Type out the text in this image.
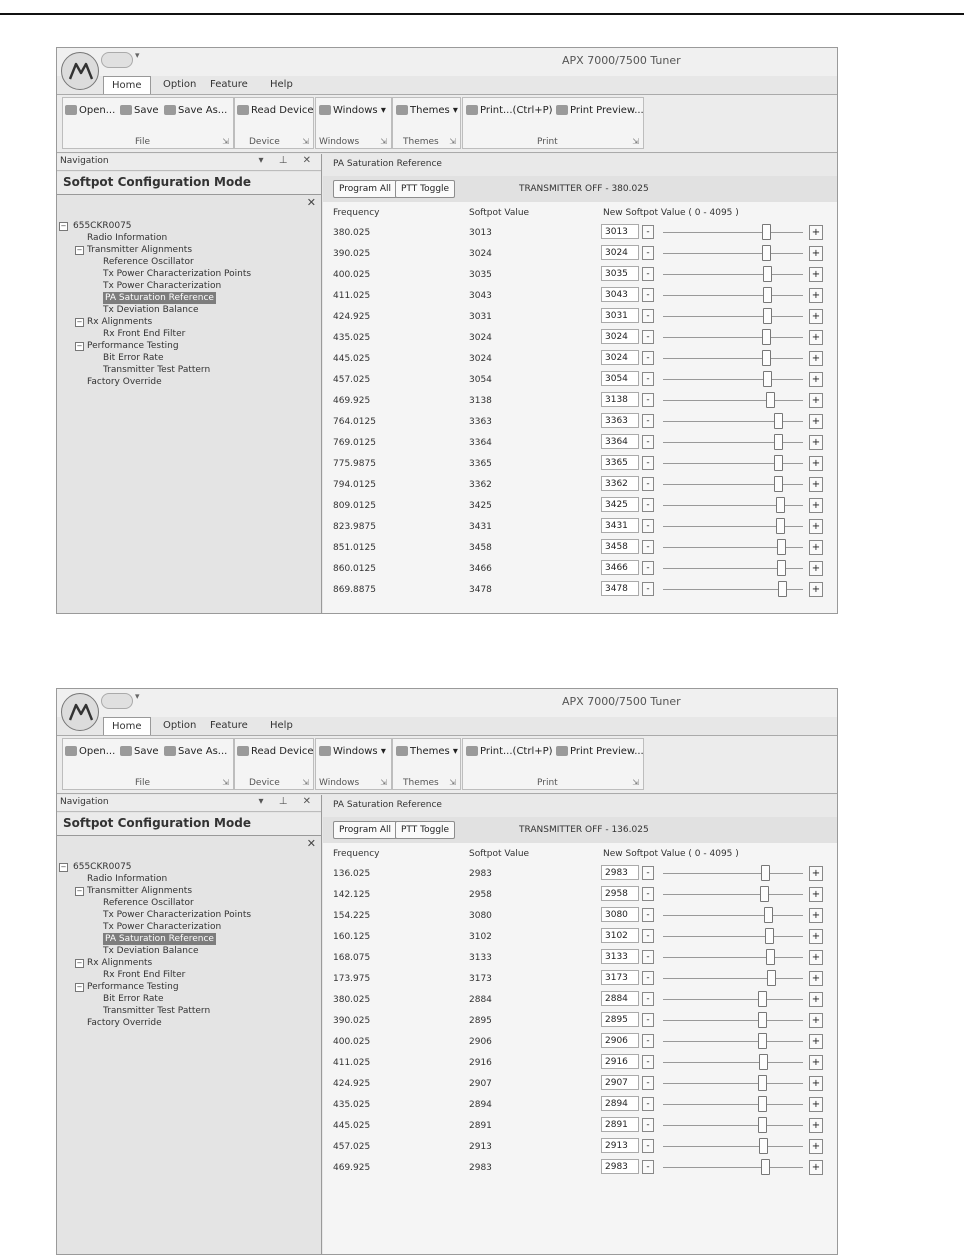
▾	APX 7000/7500 Tuner
Home	Option Feature Help
Open...	Save	Save As...
File	⇲
Read Device
Device	⇲
Windows ▾
Windows	⇲
Themes ▾
Themes ⇲
Print...(Ctrl+P)	Print Preview...
Print	⇲
Navigation	▾ ⊥ ✕
Softpot Configuration Mode
✕
− 655CKR0075
Radio Information
− Transmitter Alignments
Reference Oscillator
Tx Power Characterization Points
Tx Power Characterization
PA Saturation Reference
Tx Deviation Balance
− Rx Alignments
Rx Front End Filter
− Performance Testing
Bit Error Rate
Transmitter Test Pattern
Factory Override
PA Saturation Reference
Program All	PTT Toggle	TRANSMITTER OFF - 380.025
Frequency	Softpot Value	New Softpot Value ( 0 - 4095 )
380.025	3013	3013	-	+
390.025	3024	3024	-	+
400.025	3035	3035	-	+
411.025	3043	3043	-	+
424.925	3031	3031	-	+
435.025	3024	3024	-	+
445.025	3024	3024	-	+
457.025	3054	3054	-	+
469.925	3138	3138	-	+
764.0125	3363	3363	-	+
769.0125	3364	3364	-	+
775.9875	3365	3365	-	+
794.0125	3362	3362	-	+
809.0125	3425	3425	-	+
823.9875	3431	3431	-	+
851.0125	3458	3458	-	+
860.0125	3466	3466	-	+
869.8875	3478	3478	-	+
▾	APX 7000/7500 Tuner
Home	Option Feature Help
Open...	Save	Save As...
File	⇲
Read Device
Device	⇲
Windows ▾
Windows	⇲
Themes ▾
Themes ⇲
Print...(Ctrl+P)	Print Preview...
Print	⇲
Navigation	▾ ⊥ ✕
Softpot Configuration Mode
✕
− 655CKR0075
Radio Information
− Transmitter Alignments
Reference Oscillator
Tx Power Characterization Points
Tx Power Characterization
PA Saturation Reference
Tx Deviation Balance
− Rx Alignments
Rx Front End Filter
− Performance Testing
Bit Error Rate
Transmitter Test Pattern
Factory Override
PA Saturation Reference
Program All	PTT Toggle	TRANSMITTER OFF - 136.025
Frequency	Softpot Value	New Softpot Value ( 0 - 4095 )
136.025	2983	2983	-	+
142.125	2958	2958	-	+
154.225	3080	3080	-	+
160.125	3102	3102	-	+
168.075	3133	3133	-	+
173.975	3173	3173	-	+
380.025	2884	2884	-	+
390.025	2895	2895	-	+
400.025	2906	2906	-	+
411.025	2916	2916	-	+
424.925	2907	2907	-	+
435.025	2894	2894	-	+
445.025	2891	2891	-	+
457.025	2913	2913	-	+
469.925	2983	2983	-	+
